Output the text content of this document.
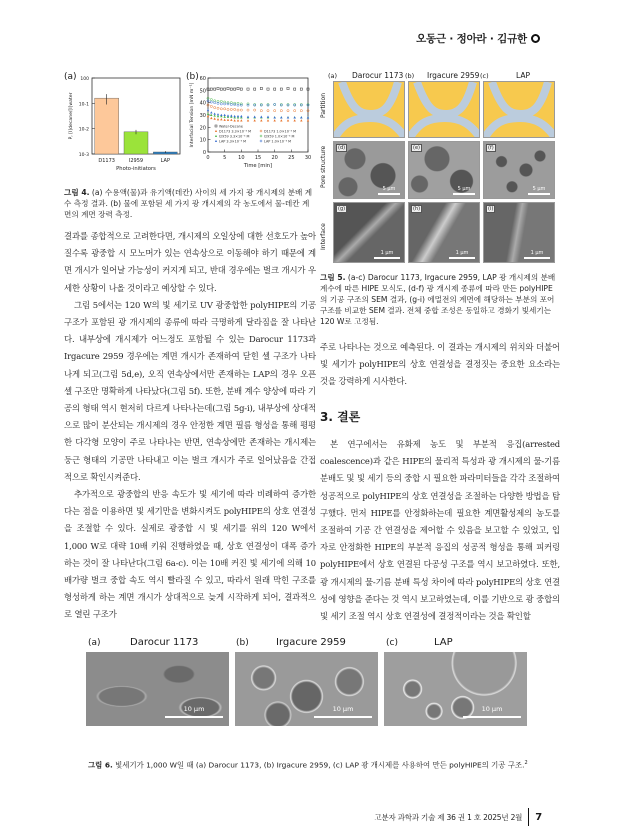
오동근 · 정아라 · 김규한
(a)	(b)
10-3
10-2
10-1
100
D1173	I2959	LAP
Photo-initiators
P, [I]decane/[I]water
0
10
20
30
40
50
60
0	5 10 15 20 25 30
Water-Decane
D1173 3.3×10⁻³ M	D1173 1.0×10⁻³ M
I2959 3.3×10⁻³ M	I2959 1.0×10⁻³ M
LAP 3.3×10⁻³ M	LAP 1.0×10⁻³ M
Time [min]
Interfacial Tension [mN m⁻¹]
그림 4. (a) 수용액(물)과 유기액(데칸) 사이의 세 가지 광 개시제의 분배 계수 측정 결과. (b) 물에 포함된 세 가지 광 개시제의 각 농도에서 물-데칸 계면의 계면 장력 측정.

결과를 종합적으로 고려한다면, 개시제의 오일상에 대한 선호도가 높아질수록 광중합 시 모노머가 있는 연속상으로 이동해야 하기 때문에 계면 개시가 일어날 가능성이 커지게 되고, 반대 경우에는 벌크 개시가 우세한 상황이 나올 것이라고 예상할 수 있다.

그림 5에서는 120 W의 빛 세기로 UV 광중합한 polyHIPE의 기공 구조가 포함된 광 개시제의 종류에 따라 극명하게 달라짐을 잘 나타난다. 내부상에 개시제가 어느정도 포함될 수 있는 Darocur 1173과 Irgacure 2959 경우에는 계면 개시가 존재하여 닫힌 셀 구조가 나타나게 되고(그림 5d,e), 오직 연속상에서만 존재하는 LAP의 경우 오픈 셀 구조만 명확하게 나타났다(그림 5f). 또한, 분배 계수 양상에 따라 기공의 형태 역시 현저히 다르게 나타나는데(그림 5g-i), 내부상에 상대적으로 많이 분산되는 개시제의 경우 안정한 계면 필름 형성을 통해 평평한 다각형 모양이 주로 나타나는 반면, 연속상에만 존재하는 개시제는 둥근 형태의 기공만 나타내고 이는 벌크 개시가 주로 일어났음을 간접적으로 확인시켜준다.

추가적으로 광중합의 반응 속도가 빛 세기에 따라 비례하여 증가한다는 점을 이용하면 빛 세기만을 변화시켜도 polyHIPE의 상호 연결성을 조절할 수 있다. 실제로 광중합 시 빛 세기를 위의 120 W에서 1,000 W로 대략 10배 키워 진행하였을 때, 상호 연결성이 대폭 증가하는 것이 잘 나타난다(그림 6a-c). 이는 10배 커진 빛 세기에 의해 10배가량 벌크 중합 속도 역시 빨라질 수 있고, 따라서 원래 막힌 구조를 형성하게 하는 계면 개시가 상대적으로 늦게 시작하게 되어, 결과적으로 열린 구조가

(a) Darocur 1173 (b) Irgacure 2959 (c)	LAP
Partition
Pore structure
Interface
(d)
5 µm
(e)
5 µm
(f)
5 µm
(g)
1 µm
(h)
1 µm
(i)
1 µm
그림 5. (a-c) Darocur 1173, Irgacure 2959, LAP 광 개시제의 분배 계수에 따른 HIPE 모식도, (d-f) 광 개시제 종류에 따라 만든 polyHIPE의 기공 구조의 SEM 결과, (g-i) 에멀전의 계면에 해당하는 부분의 포어 구조를 비교한 SEM 결과. 전체 중합 조성은 동일하고 경화기 빛세기는 120 W로 고정됨.

주로 나타나는 것으로 예측된다. 이 결과는 개시제의 위치와 더불어 빛 세기가 polyHIPE의 상호 연결성을 결정짓는 중요한 요소라는 것을 강력하게 시사한다.

3. 결론

본 연구에서는 유화제 농도 및 부분적 응집(arrested coalescence)과 같은 HIPE의 물리적 특성과 광 개시제의 물-기름 분배도 및 빛 세기 등의 중합 시 필요한 파라미터들을 각각 조절하여 성공적으로 polyHIPE의 상호 연결성을 조절하는 다양한 방법을 탐구했다. 먼저 HIPE를 안정화하는데 필요한 계면활성제의 농도를 조절하여 기공 간 연결성을 제어할 수 있음을 보고할 수 있었고, 입자로 안정화한 HIPE의 부분적 응집의 성공적 형성을 통해 피커링 polyHIPE에서 상호 연결된 다공성 구조를 역시 보고하였다. 또한, 광 개시제의 물-기름 분배 특성 차이에 따라 polyHIPE의 상호 연결성에 영향을 준다는 것 역시 보고하였는데, 이를 기반으로 광 중합의 빛 세기 조절 역시 상호 연결성에 결정적이라는 것을 확인할

(a)	Darocur 1173	(b)	Irgacure 2959	(c)	LAP
10 µm	10 µm	10 µm
그림 6. 빛세기가 1,000 W일 때 (a) Darocur 1173, (b) Irgacure 2959, (c) LAP 광 개시제를 사용하여 만든 polyHIPE의 기공 구조.$^2$
고분자 과학과 기술 제 36 권 1 호 2025년 2월 7
